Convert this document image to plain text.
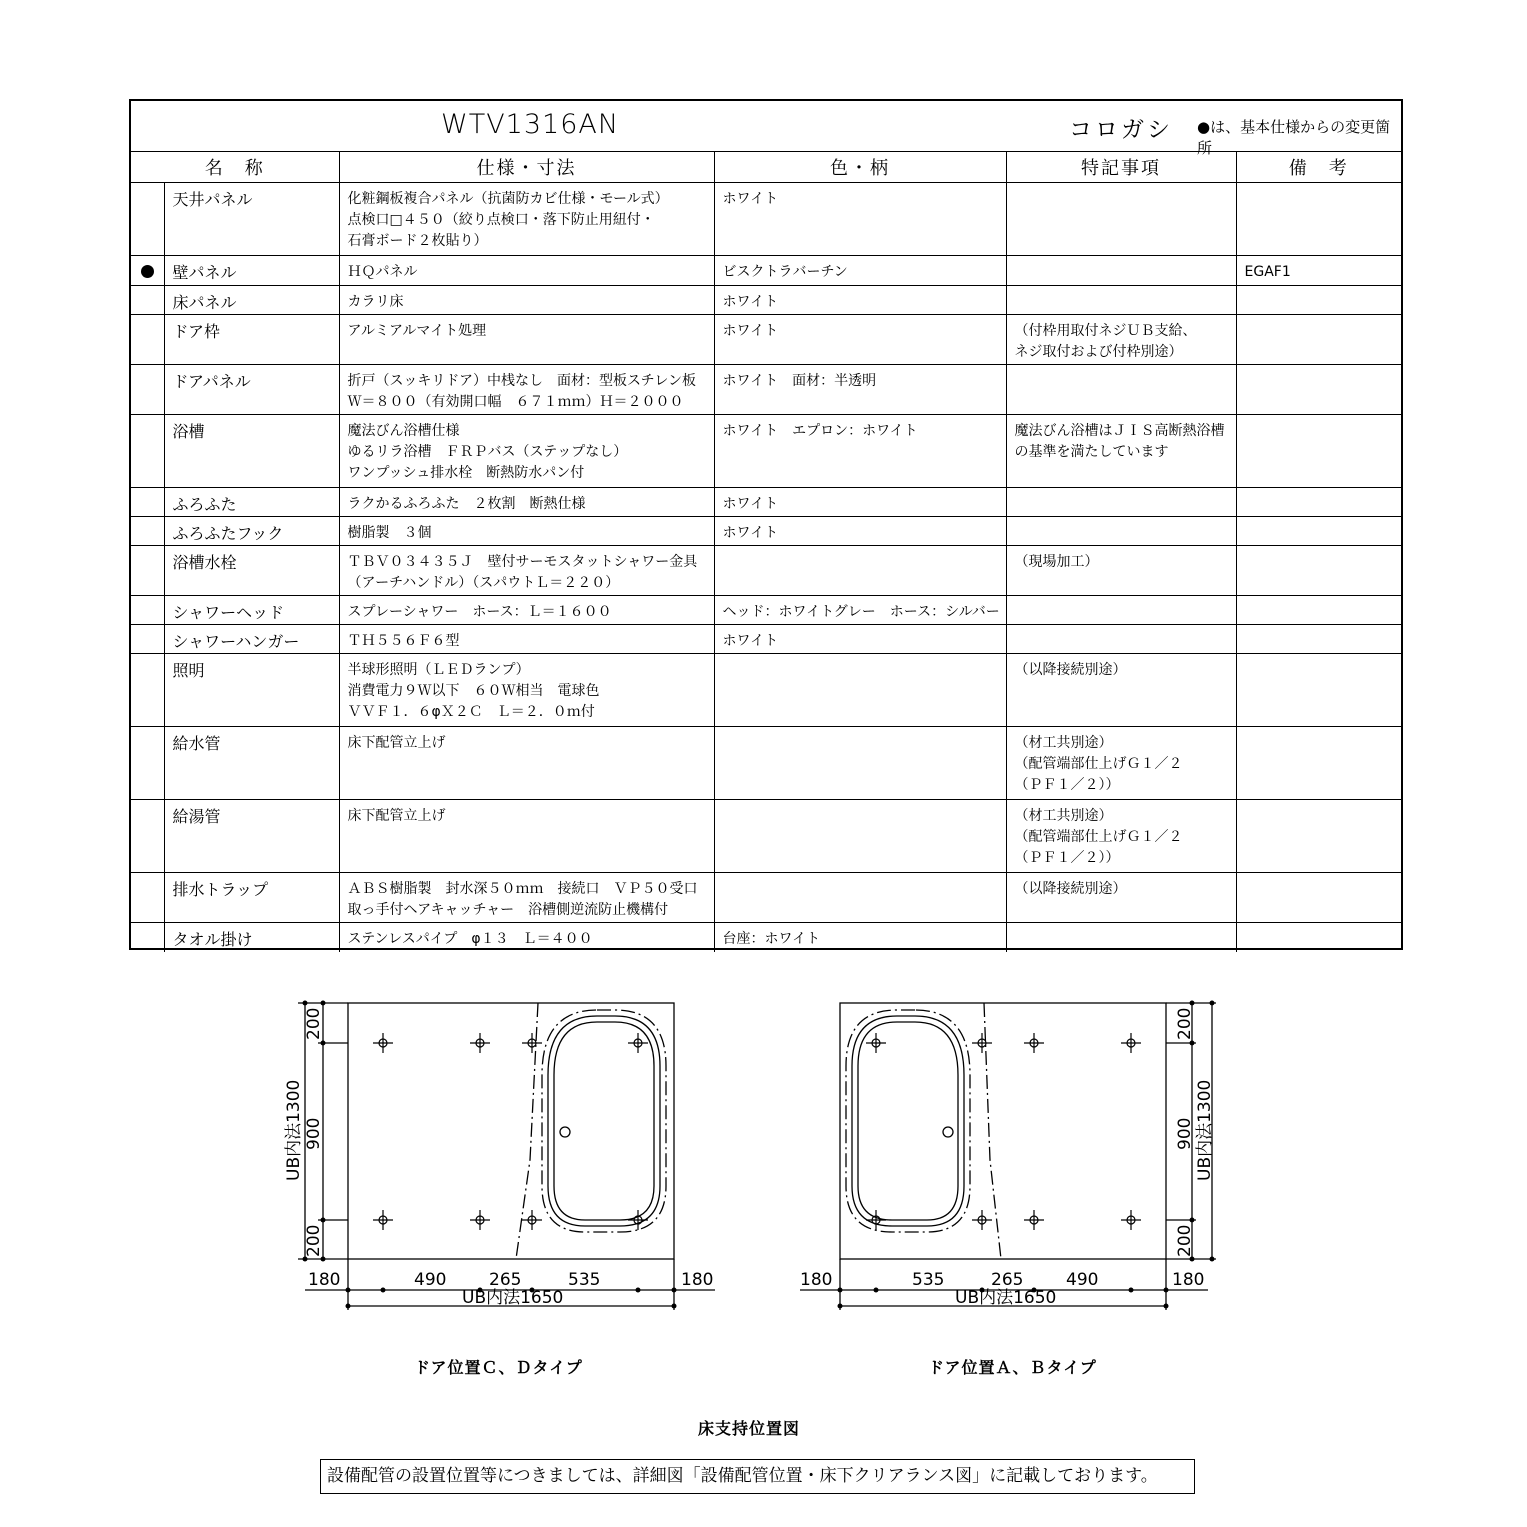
WTV1316AN	コロガシ ●は、基本仕様からの変更箇所
名　称		仕様・寸法	色・柄	特記事項	備　考
	天井パネル	化粧鋼板複合パネル（抗菌防カビ仕様・モール式）
点検口□４５０（絞り点検口・落下防止用紐付・
石膏ボード２枚貼り）	ホワイト		
	壁パネル	ＨＱパネル	ビスクトラバーチン		EGAF1
	床パネル	カラリ床	ホワイト		
	ドア枠	アルミアルマイト処理	ホワイト	（付枠用取付ネジＵＢ支給、
ネジ取付および付枠別途）	
	ドアパネル	折戸（スッキリドア）中桟なし　面材：型板スチレン板
Ｗ＝８００（有効開口幅　６７１ｍｍ）Ｈ＝２０００	ホワイト　面材：半透明		
	浴槽	魔法びん浴槽仕様
ゆるリラ浴槽　ＦＲＰバス（ステップなし）
ワンプッシュ排水栓　断熱防水パン付	ホワイト　エプロン：ホワイト	魔法びん浴槽はＪＩＳ高断熱浴槽
の基準を満たしています	
	ふろふた	ラクかるふろふた　２枚割　断熱仕様	ホワイト		
	ふろふたフック	樹脂製　３個	ホワイト		
	浴槽水栓	ＴＢＶ０３４３５Ｊ　壁付サーモスタットシャワー金具
（アーチハンドル）（スパウトＬ＝２２０）		（現場加工）	
	シャワーヘッド	スプレーシャワー　ホース：Ｌ＝１６００	ヘッド：ホワイトグレー　ホース：シルバー		
	シャワーハンガー	ＴＨ５５６Ｆ６型	ホワイト		
	照明	半球形照明（ＬＥＤランプ）
消費電力９Ｗ以下　６０Ｗ相当　電球色
ＶＶＦ１．６φＸ２Ｃ　Ｌ＝２．０ｍ付		（以降接続別途）	
	給水管	床下配管立上げ		（材工共別途）
（配管端部仕上げＧ１／２
（ＰＦ１／２））	
	給湯管	床下配管立上げ		（材工共別途）
（配管端部仕上げＧ１／２
（ＰＦ１／２））	
	排水トラップ	ＡＢＳ樹脂製　封水深５０ｍｍ　接続口　ＶＰ５０受口
取っ手付ヘアキャッチャー　浴槽側逆流防止機構付		（以降接続別途）	
	タオル掛け	ステンレスパイプ　φ１３　Ｌ＝４００	台座：ホワイト		
180	490	265	535	180
UB内法1650
200
900
200
UB内法1300
180	535	265	490	180
UB内法1650
200
900
200
UB内法1300
ドア位置Ｃ、Ｄタイプ	ドア位置Ａ、Ｂタイプ
床支持位置図
設備配管の設置位置等につきましては、詳細図「設備配管位置・床下クリアランス図」に記載しております。
